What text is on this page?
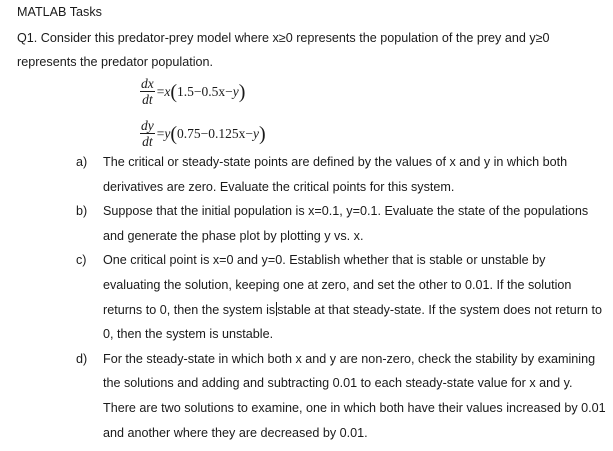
MATLAB Tasks
Q1. Consider this predator-prey model where x≥0 represents the population of the prey and y≥0 represents the predator population.
$\frac{dx}{dt} =x(1.5-0.5x-y)$
$\frac{dy}{dt} =y(0.75-0.125x-y)$
a) The critical or steady-state points are defined by the values of x and y in which both derivatives are zero. Evaluate the critical points for this system.
b) Suppose that the initial population is x=0.1, y=0.1. Evaluate the state of the populations and generate the phase plot by plotting y vs. x.
c) One critical point is x=0 and y=0. Establish whether that is stable or unstable by evaluating the solution, keeping one at zero, and set the other to 0.01. If the solution returns to 0, then the system is stable at that steady-state. If the system does not return to 0, then the system is unstable.
d) For the steady-state in which both x and y are non-zero, check the stability by examining the solutions and adding and subtracting 0.01 to each steady-state value for x and y. There are two solutions to examine, one in which both have their values increased by 0.01 and another where they are decreased by 0.01.
